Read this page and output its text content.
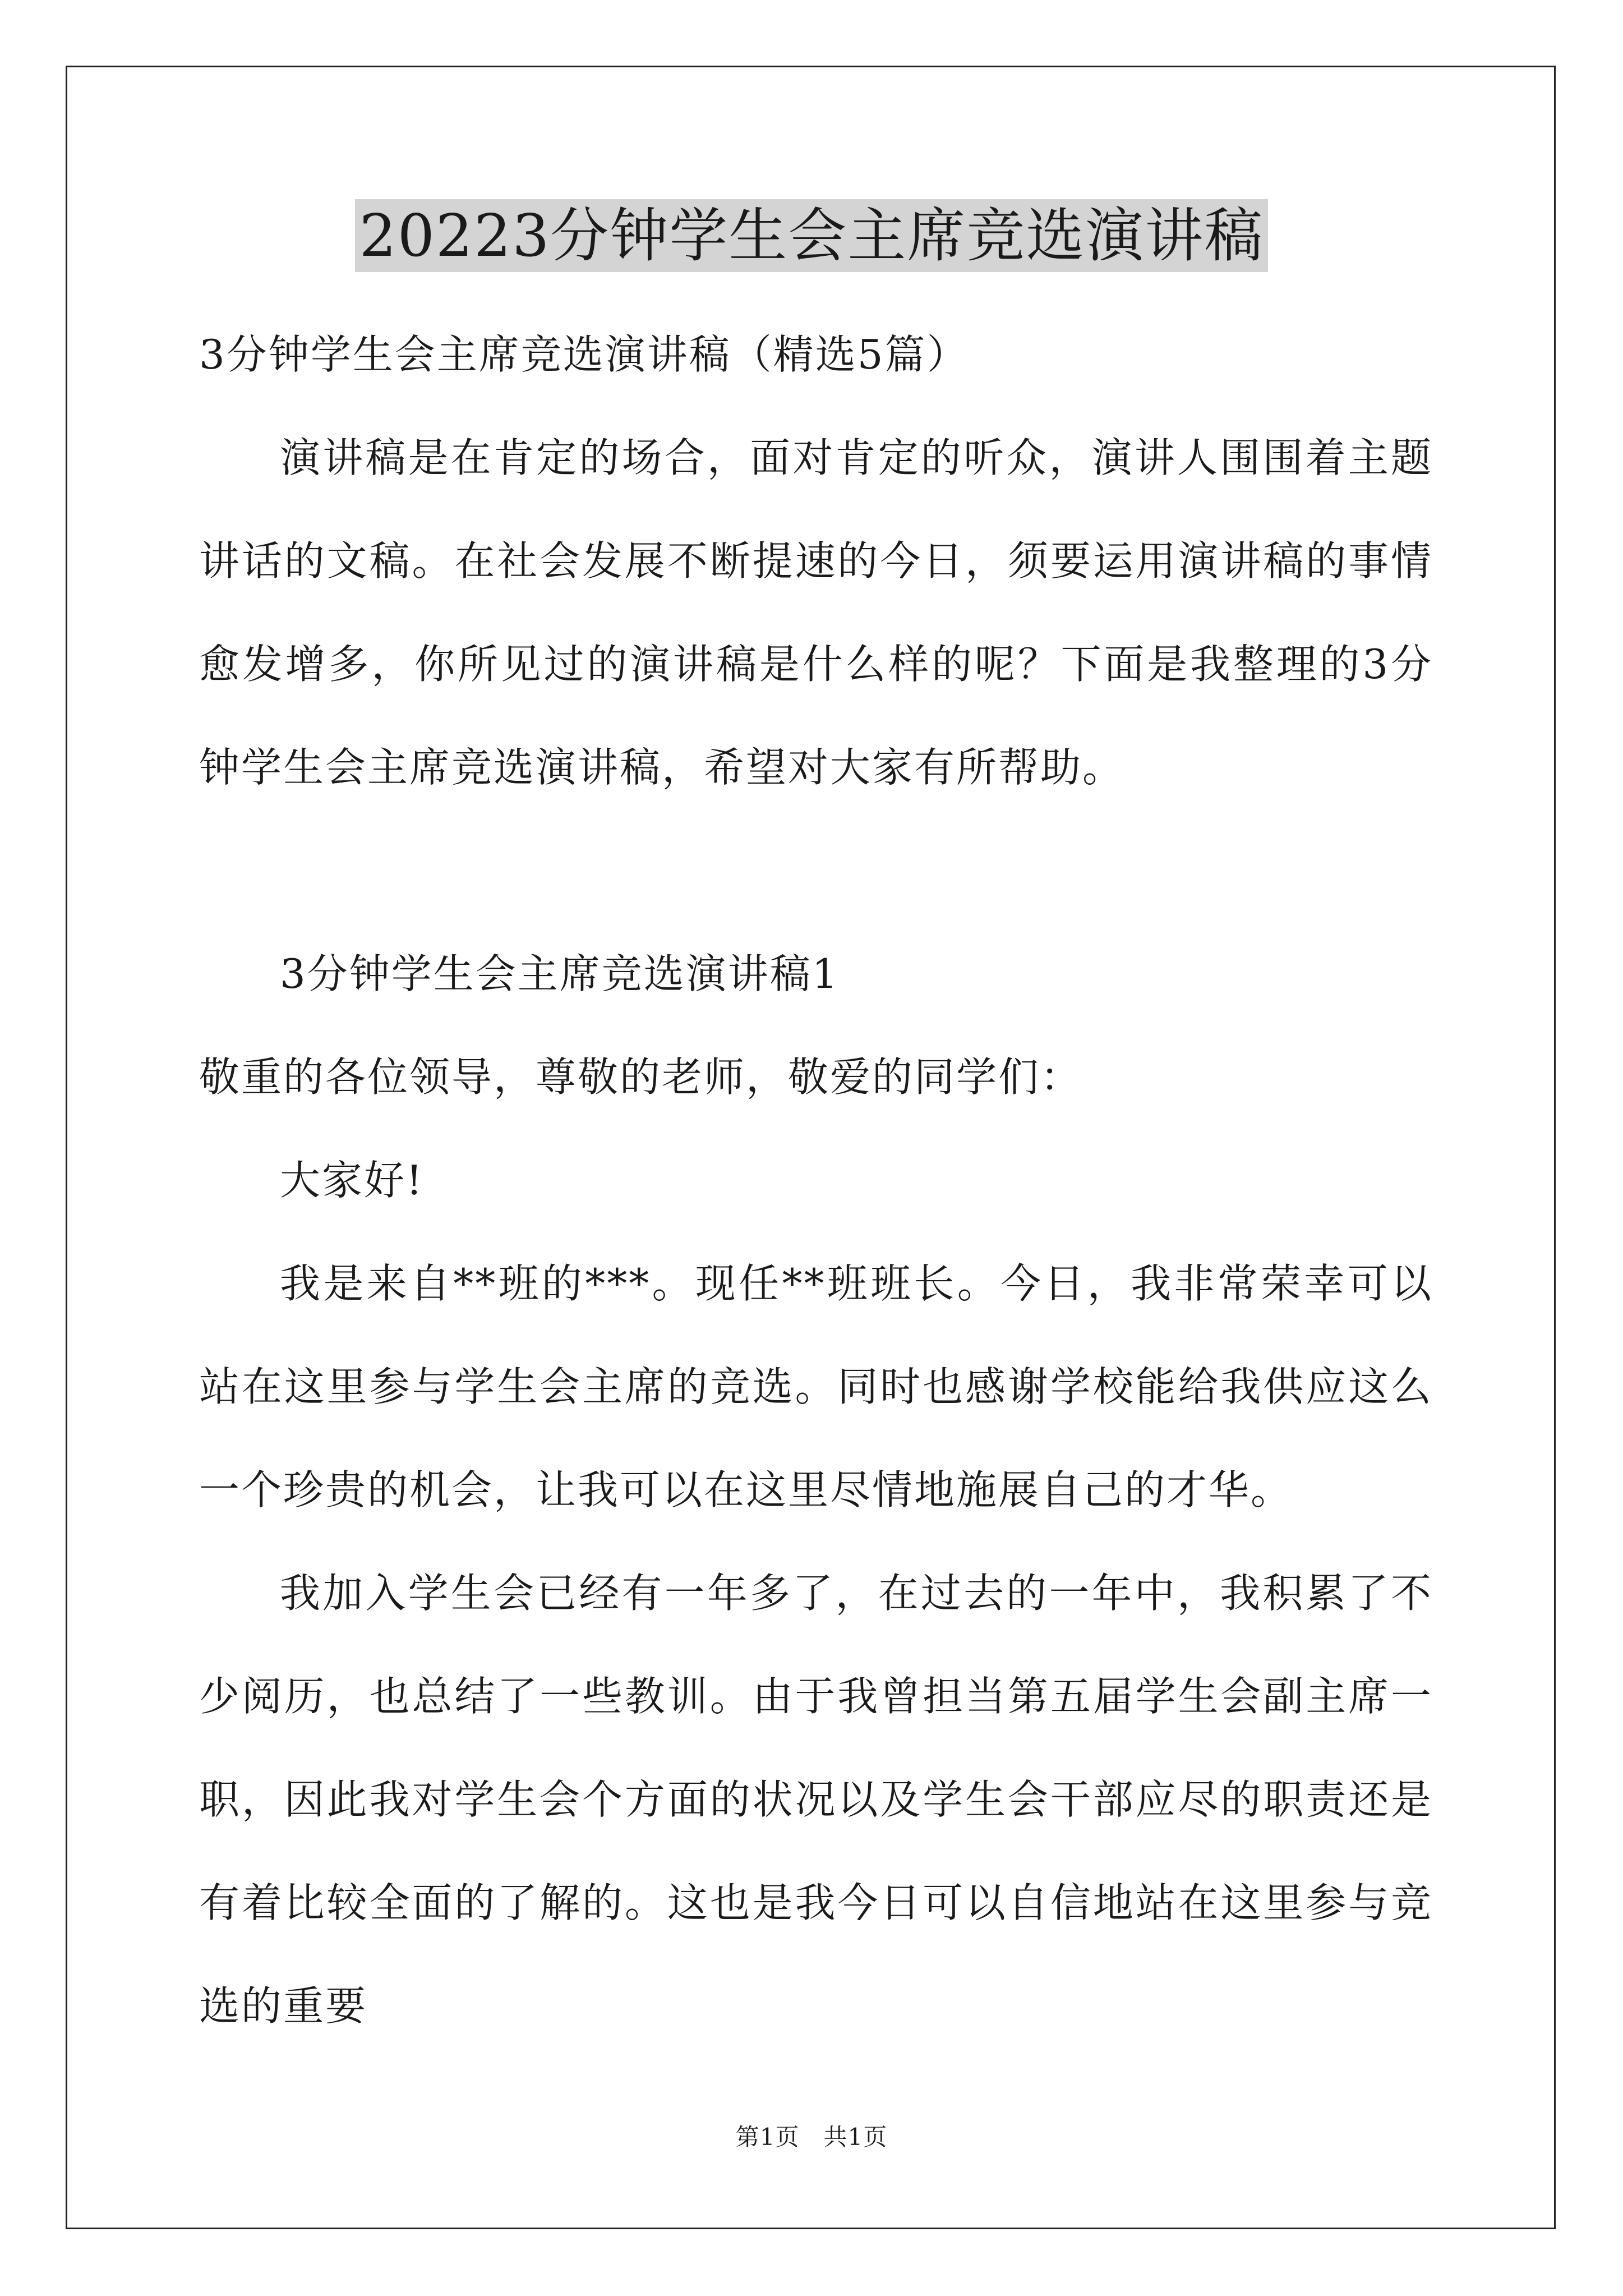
20223分钟学生会主席竞选演讲稿

3分钟学生会主席竞选演讲稿（精选5篇）

演讲稿是在肯定的场合，面对肯定的听众，演讲人围围着主题讲话的文稿。在社会发展不断提速的今日，须要运用演讲稿的事情愈发增多，你所见过的演讲稿是什么样的呢？下面是我整理的3分钟学生会主席竞选演讲稿，希望对大家有所帮助。

3分钟学生会主席竞选演讲稿1

敬重的各位领导，尊敬的老师，敬爱的同学们：

大家好!

我是来自**班的***。现任**班班长。今日，我非常荣幸可以站在这里参与学生会主席的竞选。同时也感谢学校能给我供应这么一个珍贵的机会，让我可以在这里尽情地施展自己的才华。

我加入学生会已经有一年多了，在过去的一年中，我积累了不少阅历，也总结了一些教训。由于我曾担当第五届学生会副主席一职，因此我对学生会个方面的状况以及学生会干部应尽的职责还是有着比较全面的了解的。这也是我今日可以自信地站在这里参与竞选的重要

第1页　共1页
